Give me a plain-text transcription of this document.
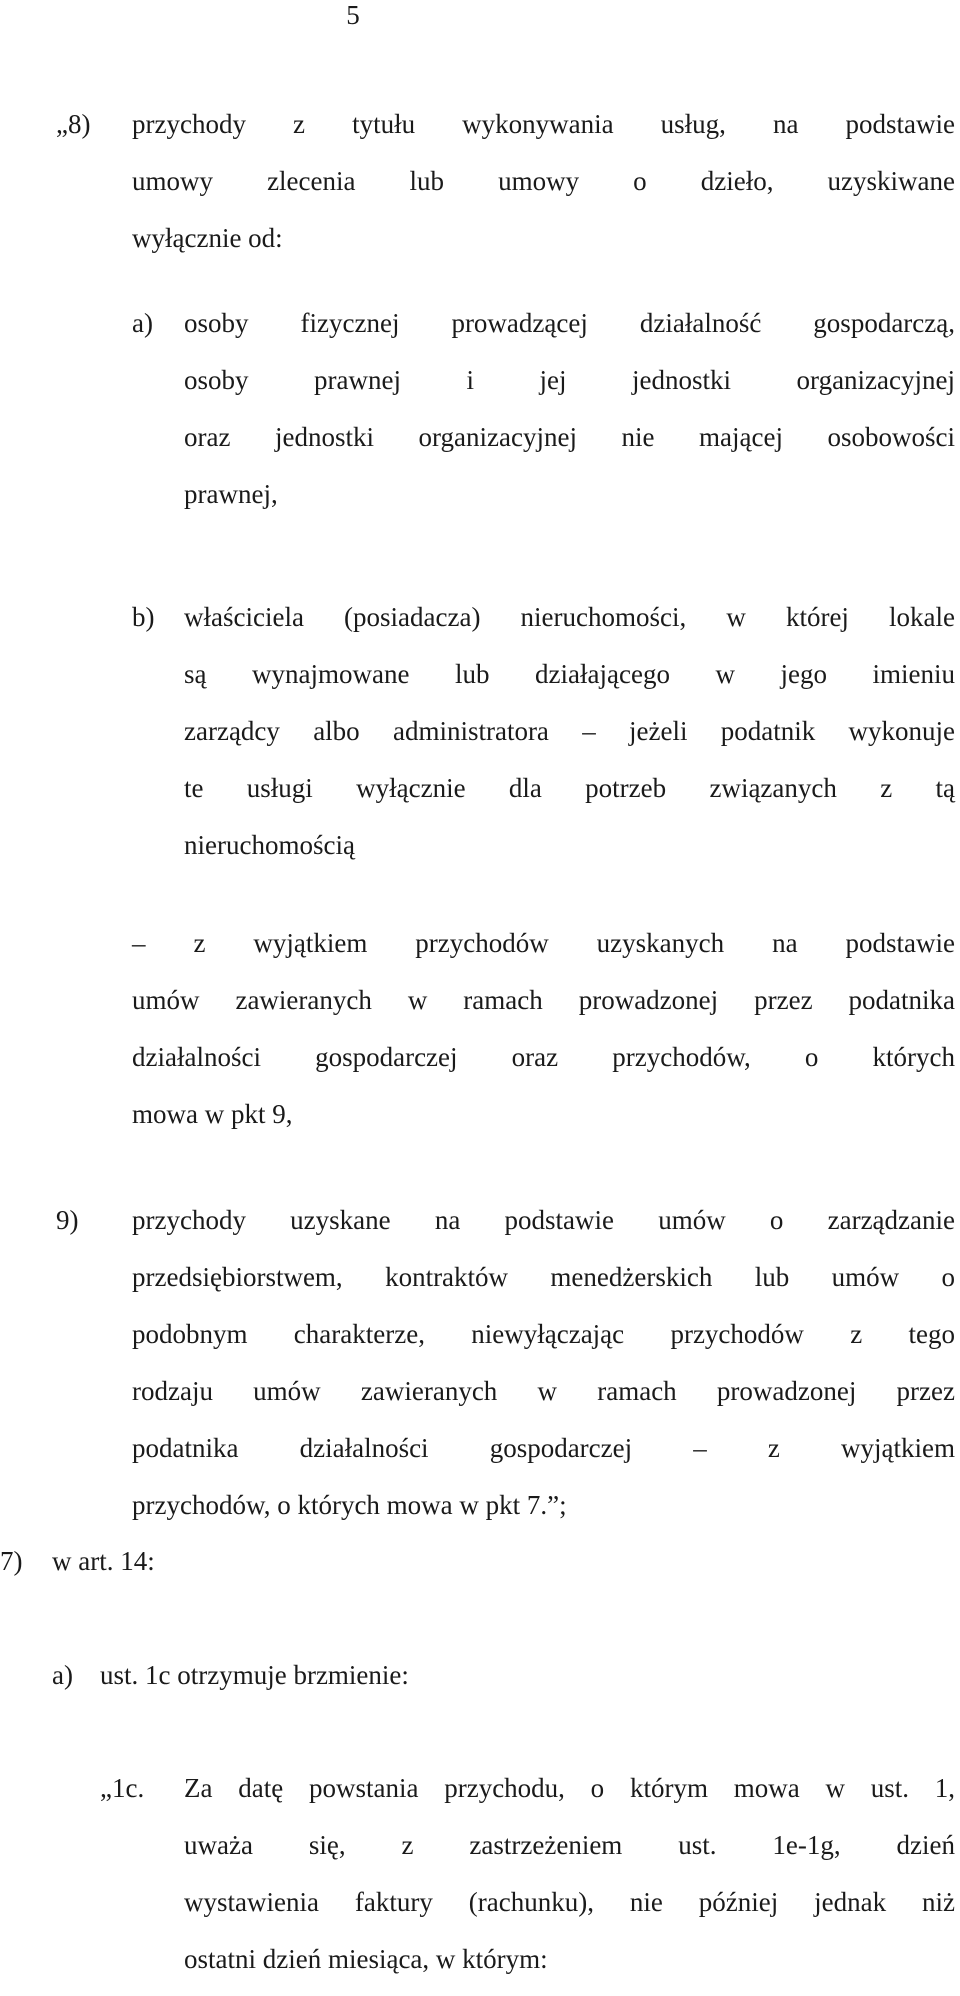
5
„8) przychody z tytułu wykonywania usług, na podstawie
umowy zlecenia lub umowy o dzieło, uzyskiwane
wyłącznie od:
a) osoby fizycznej prowadzącej działalność gospodarczą,
osoby prawnej i jej jednostki organizacyjnej
oraz jednostki organizacyjnej nie mającej osobowości
prawnej,
b) właściciela (posiadacza) nieruchomości, w której lokale
są wynajmowane lub działającego w jego imieniu
zarządcy albo administratora – jeżeli podatnik wykonuje
te usługi wyłącznie dla potrzeb związanych z tą
nieruchomością
– z wyjątkiem przychodów uzyskanych na podstawie
umów zawieranych w ramach prowadzonej przez podatnika
działalności gospodarczej oraz przychodów, o których
mowa w pkt 9,
9) przychody uzyskane na podstawie umów o zarządzanie
przedsiębiorstwem, kontraktów menedżerskich lub umów o
podobnym charakterze, niewyłączając przychodów z tego
rodzaju umów zawieranych w ramach prowadzonej przez
podatnika działalności gospodarczej – z wyjątkiem
przychodów, o których mowa w pkt 7.”;
7) w art. 14:
a) ust. 1c otrzymuje brzmienie:
„1c. Za datę powstania przychodu, o którym mowa w ust. 1,
uważa się, z zastrzeżeniem ust. 1e-1g, dzień
wystawienia faktury (rachunku), nie później jednak niż
ostatni dzień miesiąca, w którym:
